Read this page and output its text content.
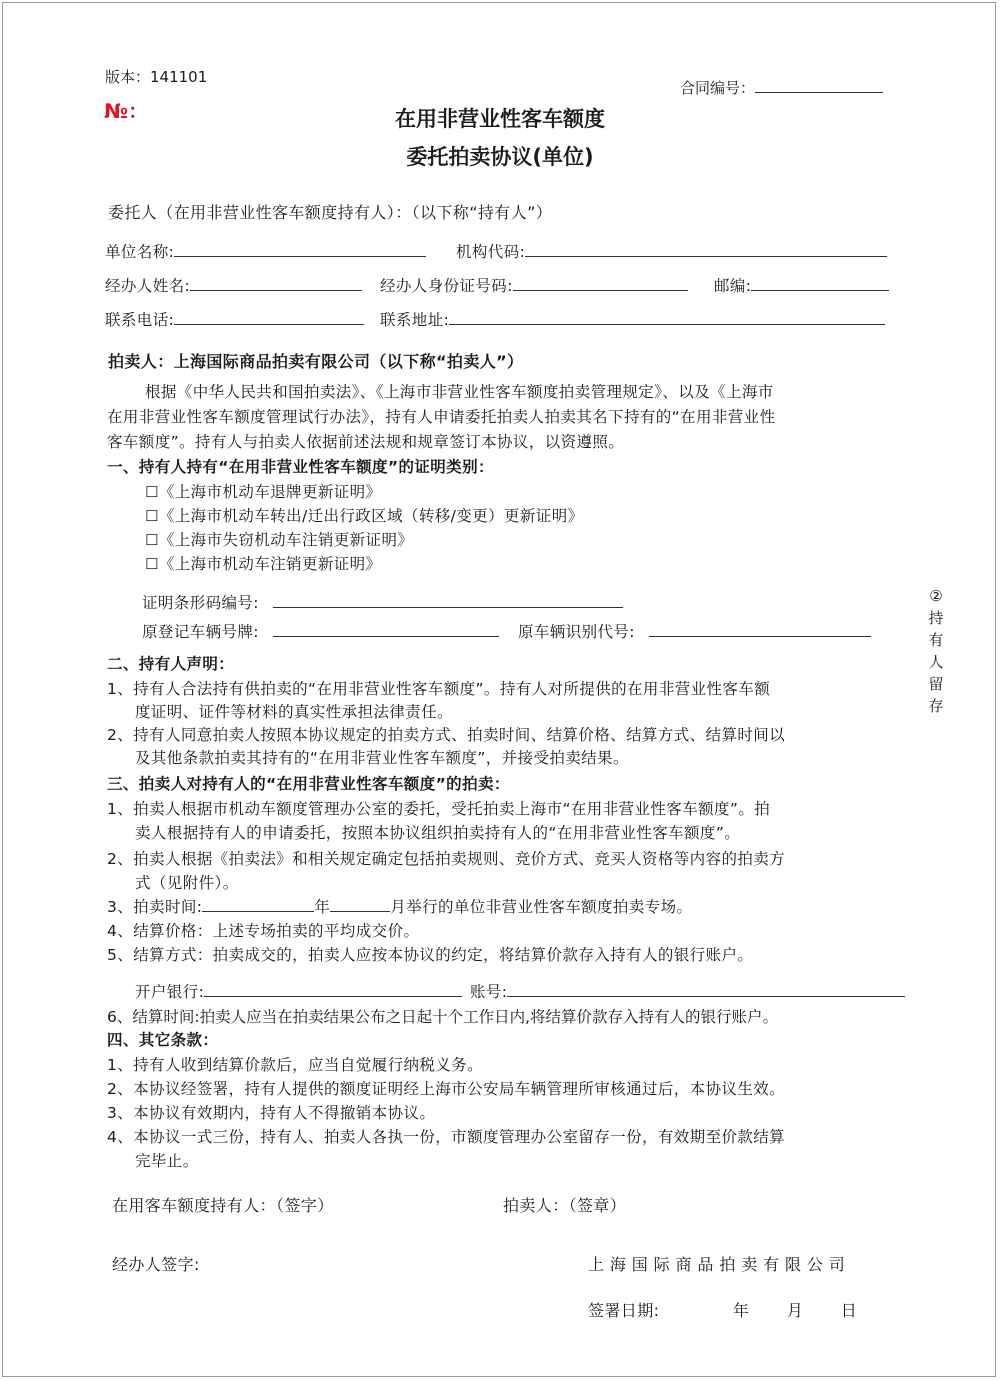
版本：141101
№：
合同编号：
在用非营业性客车额度
委托拍卖协议(单位)
委托人（在用非营业性客车额度持有人）：（以下称“持有人”）
单位名称:	机构代码:
经办人姓名:	经办人身份证号码:	邮编:
联系电话:	联系地址:
拍卖人：上海国际商品拍卖有限公司（以下称“拍卖人”）
根据《中华人民共和国拍卖法》、《上海市非营业性客车额度拍卖管理规定》、以及《上海市
在用非营业性客车额度管理试行办法》，持有人申请委托拍卖人拍卖其名下持有的“在用非营业性
客车额度”。持有人与拍卖人依据前述法规和规章签订本协议，以资遵照。
一、持有人持有“在用非营业性客车额度”的证明类别：
☐《上海市机动车退牌更新证明》
☐《上海市机动车转出/迁出行政区域（转移/变更）更新证明》
☐《上海市失窃机动车注销更新证明》
☐《上海市机动车注销更新证明》
证明条形码编号:
原登记车辆号牌:	原车辆识别代号:
②持有人留存
二、持有人声明：
1、持有人合法持有供拍卖的“在用非营业性客车额度”。持有人对所提供的在用非营业性客车额
度证明、证件等材料的真实性承担法律责任。
2、持有人同意拍卖人按照本协议规定的拍卖方式、拍卖时间、结算价格、结算方式、结算时间以
及其他条款拍卖其持有的“在用非营业性客车额度”，并接受拍卖结果。
三、拍卖人对持有人的“在用非营业性客车额度”的拍卖：
1、拍卖人根据市机动车额度管理办公室的委托，受托拍卖上海市“在用非营业性客车额度”。拍
卖人根据持有人的申请委托，按照本协议组织拍卖持有人的“在用非营业性客车额度”。
2、拍卖人根据《拍卖法》和相关规定确定包括拍卖规则、竞价方式、竞买人资格等内容的拍卖方
式（见附件）。
3、拍卖时间:	年	月举行的单位非营业性客车额度拍卖专场。
4、结算价格：上述专场拍卖的平均成交价。
5、结算方式：拍卖成交的，拍卖人应按本协议的约定，将结算价款存入持有人的银行账户。
开户银行:	账号:
6、结算时间:拍卖人应当在拍卖结果公布之日起十个工作日内,将结算价款存入持有人的银行账户。
四、其它条款：
1、持有人收到结算价款后，应当自觉履行纳税义务。
2、本协议经签署，持有人提供的额度证明经上海市公安局车辆管理所审核通过后，本协议生效。
3、本协议有效期内，持有人不得撤销本协议。
4、本协议一式三份，持有人、拍卖人各执一份，市额度管理办公室留存一份，有效期至价款结算
完毕止。
在用客车额度持有人：（签字）	拍卖人：（签章）
经办人签字:	上 海 国 际 商 品 拍 卖 有 限 公 司
签署日期:	年 月 日
